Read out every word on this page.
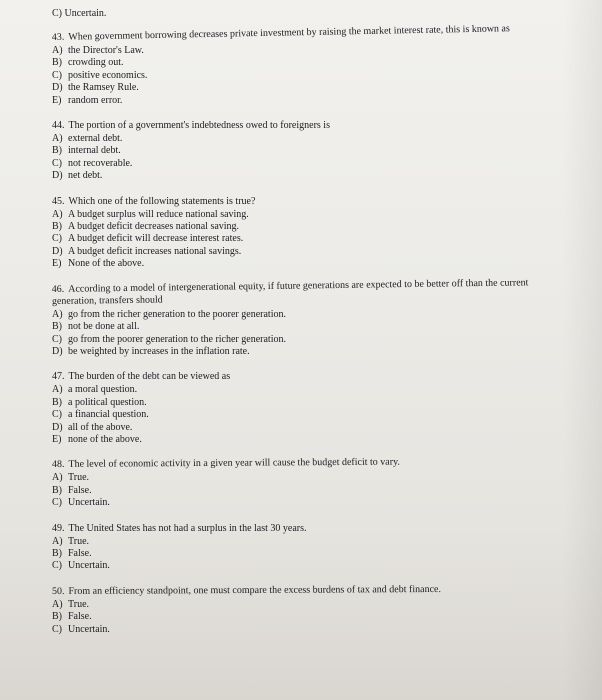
C) Uncertain.
43. When government borrowing decreases private investment by raising the market interest rate, this is known as
A) the Director's Law.
B) crowding out.
C) positive economics.
D) the Ramsey Rule.
E) random error.
44. The portion of a government's indebtedness owed to foreigners is
A) external debt.
B) internal debt.
C) not recoverable.
D) net debt.
45. Which one of the following statements is true?
A) A budget surplus will reduce national saving.
B) A budget deficit decreases national saving.
C) A budget deficit will decrease interest rates.
D) A budget deficit increases national savings.
E) None of the above.
46. According to a model of intergenerational equity, if future generations are expected to be better off than the current generation, transfers should
A) go from the richer generation to the poorer generation.
B) not be done at all.
C) go from the poorer generation to the richer generation.
D) be weighted by increases in the inflation rate.
47. The burden of the debt can be viewed as
A) a moral question.
B) a political question.
C) a financial question.
D) all of the above.
E) none of the above.
48. The level of economic activity in a given year will cause the budget deficit to vary.
A) True.
B) False.
C) Uncertain.
49. The United States has not had a surplus in the last 30 years.
A) True.
B) False.
C) Uncertain.
50. From an efficiency standpoint, one must compare the excess burdens of tax and debt finance.
A) True.
B) False.
C) Uncertain.
